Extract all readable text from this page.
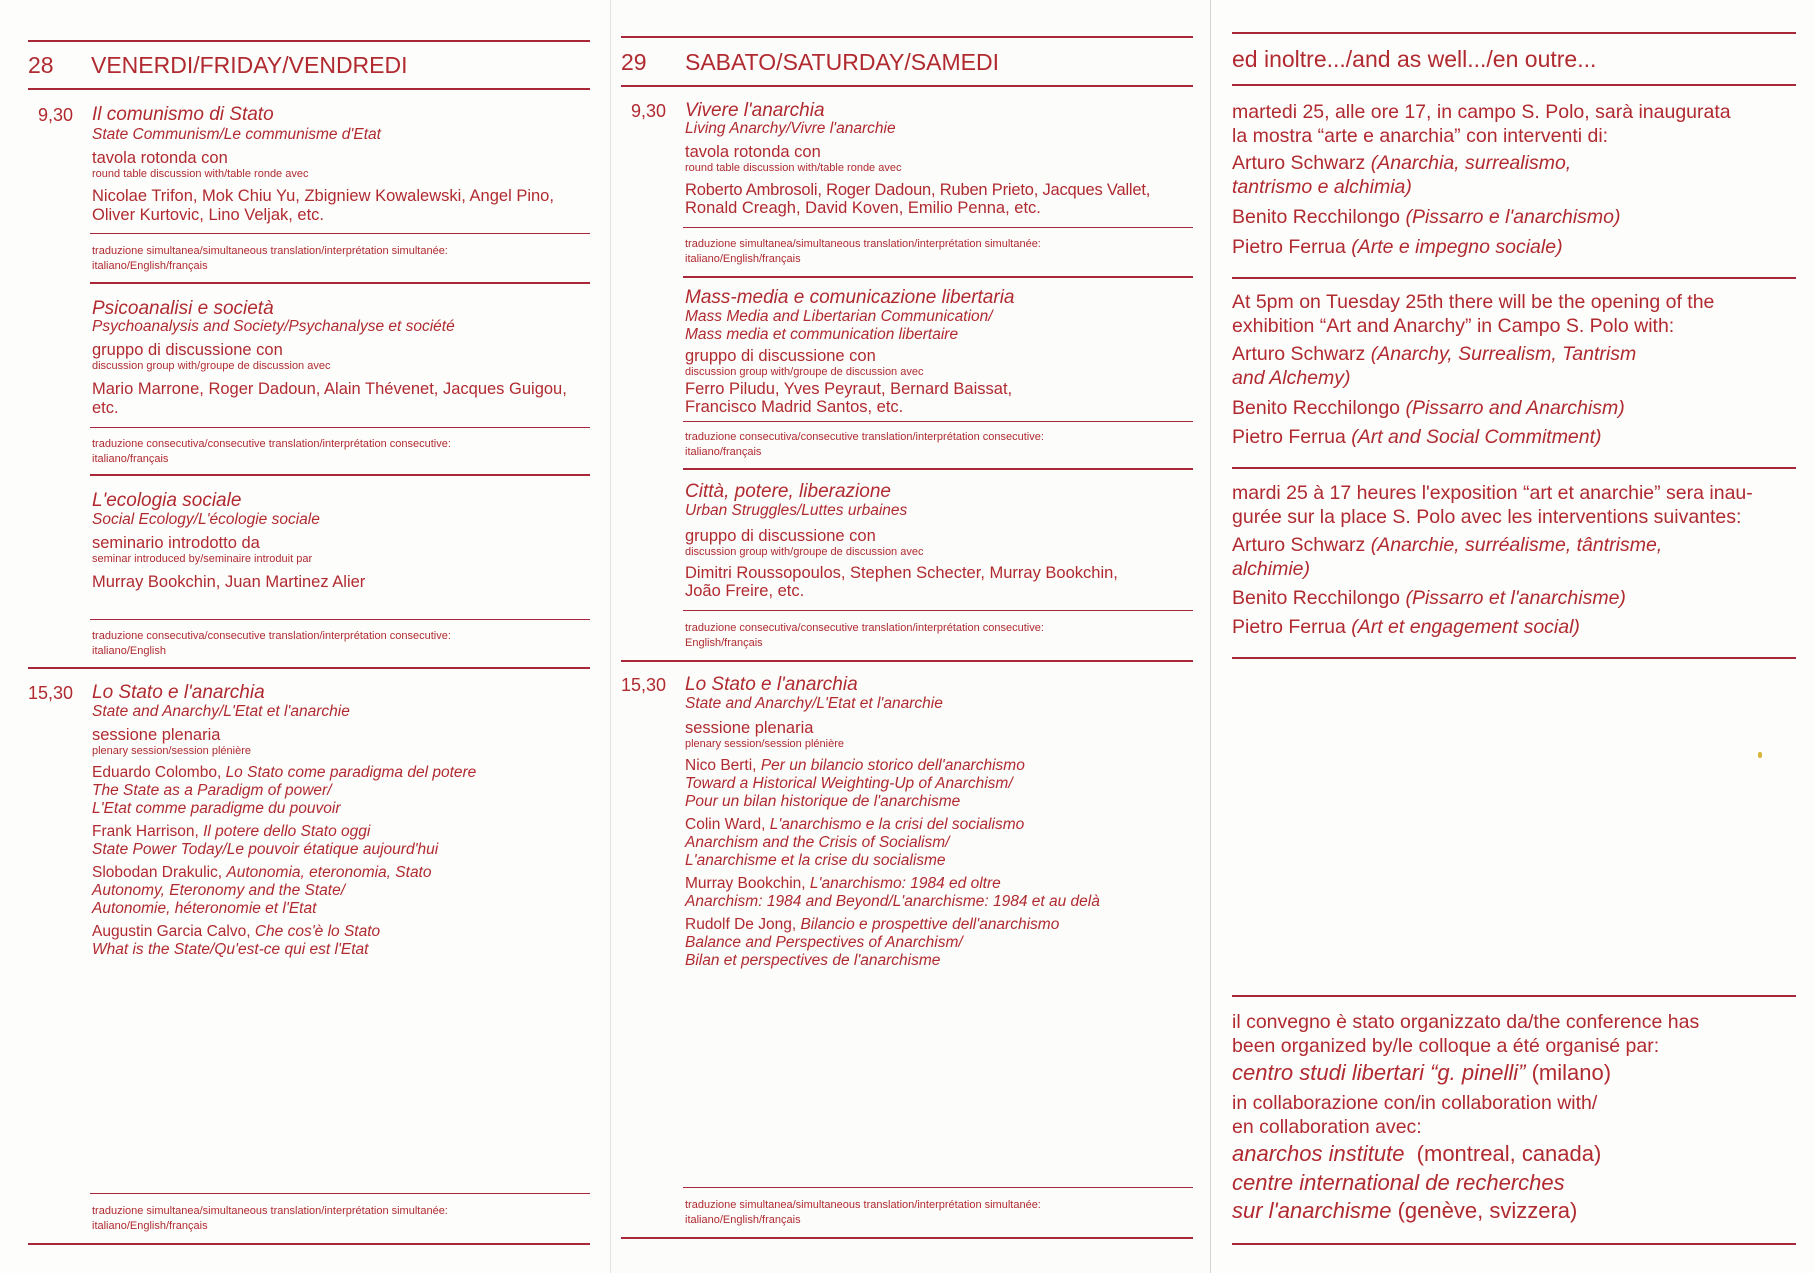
28 VENERDI/FRIDAY/VENDREDI
9,30 Il comunismo di Stato
State Communism/Le communisme d'Etat
tavola rotonda con
round table discussion with/table ronde avec
Nicolae Trifon, Mok Chiu Yu, Zbigniew Kowalewski, Angel Pino,
Oliver Kurtovic, Lino Veljak, etc.
traduzione simultanea/simultaneous translation/interprétation simultanée:
italiano/English/français
Psicoanalisi e società
Psychoanalysis and Society/Psychanalyse et société
gruppo di discussione con
discussion group with/groupe de discussion avec
Mario Marrone, Roger Dadoun, Alain Thévenet, Jacques Guigou,
etc.
traduzione consecutiva/consecutive translation/interprétation consecutive:
italiano/français
L'ecologia sociale
Social Ecology/L'écologie sociale
seminario introdotto da
seminar introduced by/seminaire introduit par
Murray Bookchin, Juan Martinez Alier
traduzione consecutiva/consecutive translation/interprétation consecutive:
italiano/English
15,30 Lo Stato e l'anarchia
State and Anarchy/L'Etat et l'anarchie
sessione plenaria
plenary session/session plénière
Eduardo Colombo, Lo Stato come paradigma del potere
The State as a Paradigm of power/
L'Etat comme paradigme du pouvoir
Frank Harrison, Il potere dello Stato oggi
State Power Today/Le pouvoir étatique aujourd'hui
Slobodan Drakulic, Autonomia, eteronomia, Stato
Autonomy, Eteronomy and the State/
Autonomie, héteronomie et l'Etat
Augustin Garcia Calvo, Che cos'è lo Stato
What is the State/Qu'est-ce qui est l'Etat
traduzione simultanea/simultaneous translation/interprétation simultanée:
italiano/English/français
29 SABATO/SATURDAY/SAMEDI
9,30 Vivere l'anarchia
Living Anarchy/Vivre l'anarchie
tavola rotonda con
round table discussion with/table ronde avec
Roberto Ambrosoli, Roger Dadoun, Ruben Prieto, Jacques Vallet,
Ronald Creagh, David Koven, Emilio Penna, etc.
traduzione simultanea/simultaneous translation/interprétation simultanée:
italiano/English/français
Mass-media e comunicazione libertaria
Mass Media and Libertarian Communication/
Mass media et communication libertaire
gruppo di discussione con
discussion group with/groupe de discussion avec
Ferro Piludu, Yves Peyraut, Bernard Baissat,
Francisco Madrid Santos, etc.
traduzione consecutiva/consecutive translation/interprétation consecutive:
italiano/français
Città, potere, liberazione
Urban Struggles/Luttes urbaines
gruppo di discussione con
discussion group with/groupe de discussion avec
Dimitri Roussopoulos, Stephen Schecter, Murray Bookchin,
João Freire, etc.
traduzione consecutiva/consecutive translation/interprétation consecutive:
English/français
15,30 Lo Stato e l'anarchia
State and Anarchy/L'Etat et l'anarchie
sessione plenaria
plenary session/session plénière
Nico Berti, Per un bilancio storico dell'anarchismo
Toward a Historical Weighting-Up of Anarchism/
Pour un bilan historique de l'anarchisme
Colin Ward, L'anarchismo e la crisi del socialismo
Anarchism and the Crisis of Socialism/
L'anarchisme et la crise du socialisme
Murray Bookchin, L'anarchismo: 1984 ed oltre
Anarchism: 1984 and Beyond/L'anarchisme: 1984 et au delà
Rudolf De Jong, Bilancio e prospettive dell'anarchismo
Balance and Perspectives of Anarchism/
Bilan et perspectives de l'anarchisme
traduzione simultanea/simultaneous translation/interprétation simultanée:
italiano/English/français
ed inoltre.../and as well.../en outre...
martedi 25, alle ore 17, in campo S. Polo, sarà inaugurata
la mostra “arte e anarchia” con interventi di:
Arturo Schwarz (Anarchia, surrealismo,
tantrismo e alchimia)
Benito Recchilongo (Pissarro e l'anarchismo)
Pietro Ferrua (Arte e impegno sociale)
At 5pm on Tuesday 25th there will be the opening of the
exhibition “Art and Anarchy” in Campo S. Polo with:
Arturo Schwarz (Anarchy, Surrealism, Tantrism
and Alchemy)
Benito Recchilongo (Pissarro and Anarchism)
Pietro Ferrua (Art and Social Commitment)
mardi 25 à 17 heures l'exposition “art et anarchie” sera inau-
gurée sur la place S. Polo avec les interventions suivantes:
Arturo Schwarz (Anarchie, surréalisme, tântrisme,
alchimie)
Benito Recchilongo (Pissarro et l'anarchisme)
Pietro Ferrua (Art et engagement social)
il convegno è stato organizzato da/the conference has
been organized by/le colloque a été organisé par:
centro studi libertari “g. pinelli” (milano)
in collaborazione con/in collaboration with/
en collaboration avec:
anarchos institute (montreal, canada)
centre international de recherches
sur l'anarchisme (genève, svizzera)
